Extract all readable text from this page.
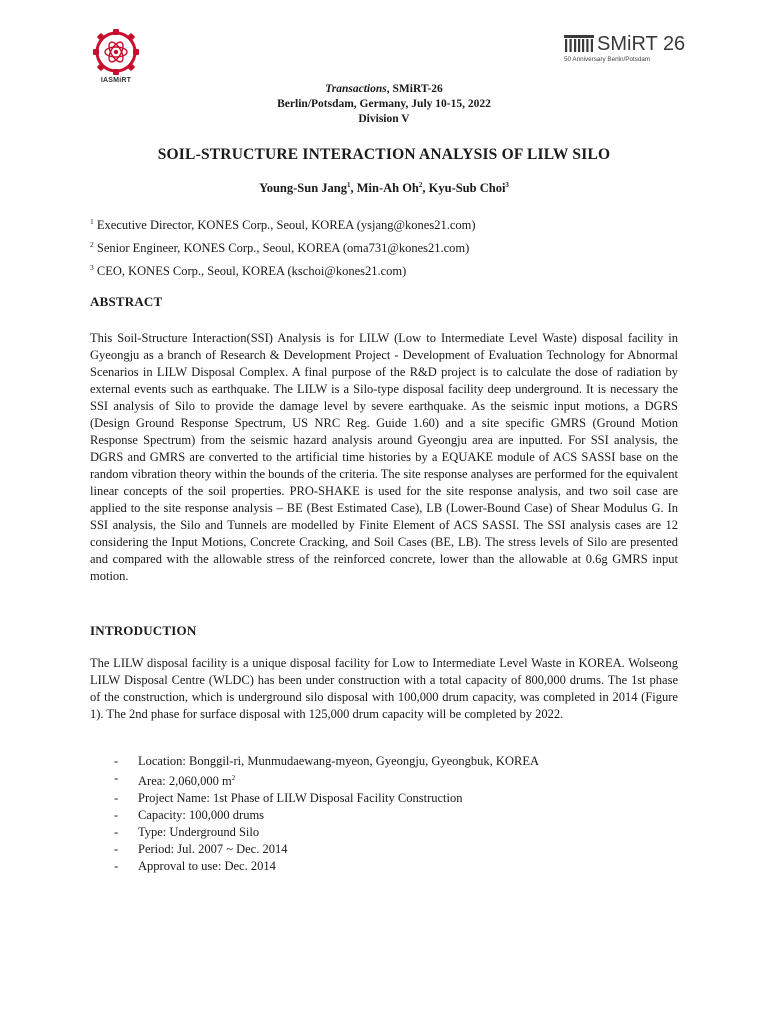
IASMiRT
SMiRT 26
50 Anniversary Berlin/Potsdam
Transactions, SMiRT-26
Berlin/Potsdam, Germany, July 10-15, 2022
Division V
SOIL-STRUCTURE INTERACTION ANALYSIS OF LILW SILO
Young-Sun Jang$^1$, Min-Ah Oh$^2$, Kyu-Sub Choi$^3$
$^1$ Executive Director, KONES Corp., Seoul, KOREA (ysjang@kones21.com)
$^2$ Senior Engineer, KONES Corp., Seoul, KOREA (oma731@kones21.com)
$^3$ CEO, KONES Corp., Seoul, KOREA (kschoi@kones21.com)
ABSTRACT
This Soil-Structure Interaction(SSI) Analysis is for LILW (Low to Intermediate Level Waste) disposal facility in Gyeongju as a branch of Research & Development Project - Development of Evaluation Technology for Abnormal Scenarios in LILW Disposal Complex. A final purpose of the R&D project is to calculate the dose of radiation by external events such as earthquake. The LILW is a Silo-type disposal facility deep underground. It is necessary the SSI analysis of Silo to provide the damage level by severe earthquake. As the seismic input motions, a DGRS (Design Ground Response Spectrum, US NRC Reg. Guide 1.60) and a site specific GMRS (Ground Motion Response Spectrum) from the seismic hazard analysis around Gyeongju area are inputted. For SSI analysis, the DGRS and GMRS are converted to the artificial time histories by a EQUAKE module of ACS SASSI base on the random vibration theory within the bounds of the criteria. The site response analyses are performed for the equivalent linear concepts of the soil properties. PRO-SHAKE is used for the site response analysis, and two soil case are applied to the site response analysis – BE (Best Estimated Case), LB (Lower-Bound Case) of Shear Modulus G. In SSI analysis, the Silo and Tunnels are modelled by Finite Element of ACS SASSI. The SSI analysis cases are 12 considering the Input Motions, Concrete Cracking, and Soil Cases (BE, LB). The stress levels of Silo are presented and compared with the allowable stress of the reinforced concrete, lower than the allowable at 0.6g GMRS input motion.
INTRODUCTION
The LILW disposal facility is a unique disposal facility for Low to Intermediate Level Waste in KOREA. Wolseong LILW Disposal Centre (WLDC) has been under construction with a total capacity of 800,000 drums. The 1st phase of the construction, which is underground silo disposal with 100,000 drum capacity, was completed in 2014 (Figure 1). The 2nd phase for surface disposal with 125,000 drum capacity will be completed by 2022.
-	Location: Bonggil-ri, Munmudaewang-myeon, Gyeongju, Gyeongbuk, KOREA
-	Area: 2,060,000 $m^2$
-	Project Name: 1st Phase of LILW Disposal Facility Construction
-	Capacity: 100,000 drums
-	Type: Underground Silo
-	Period: Jul. 2007 ~ Dec. 2014
-	Approval to use: Dec. 2014
